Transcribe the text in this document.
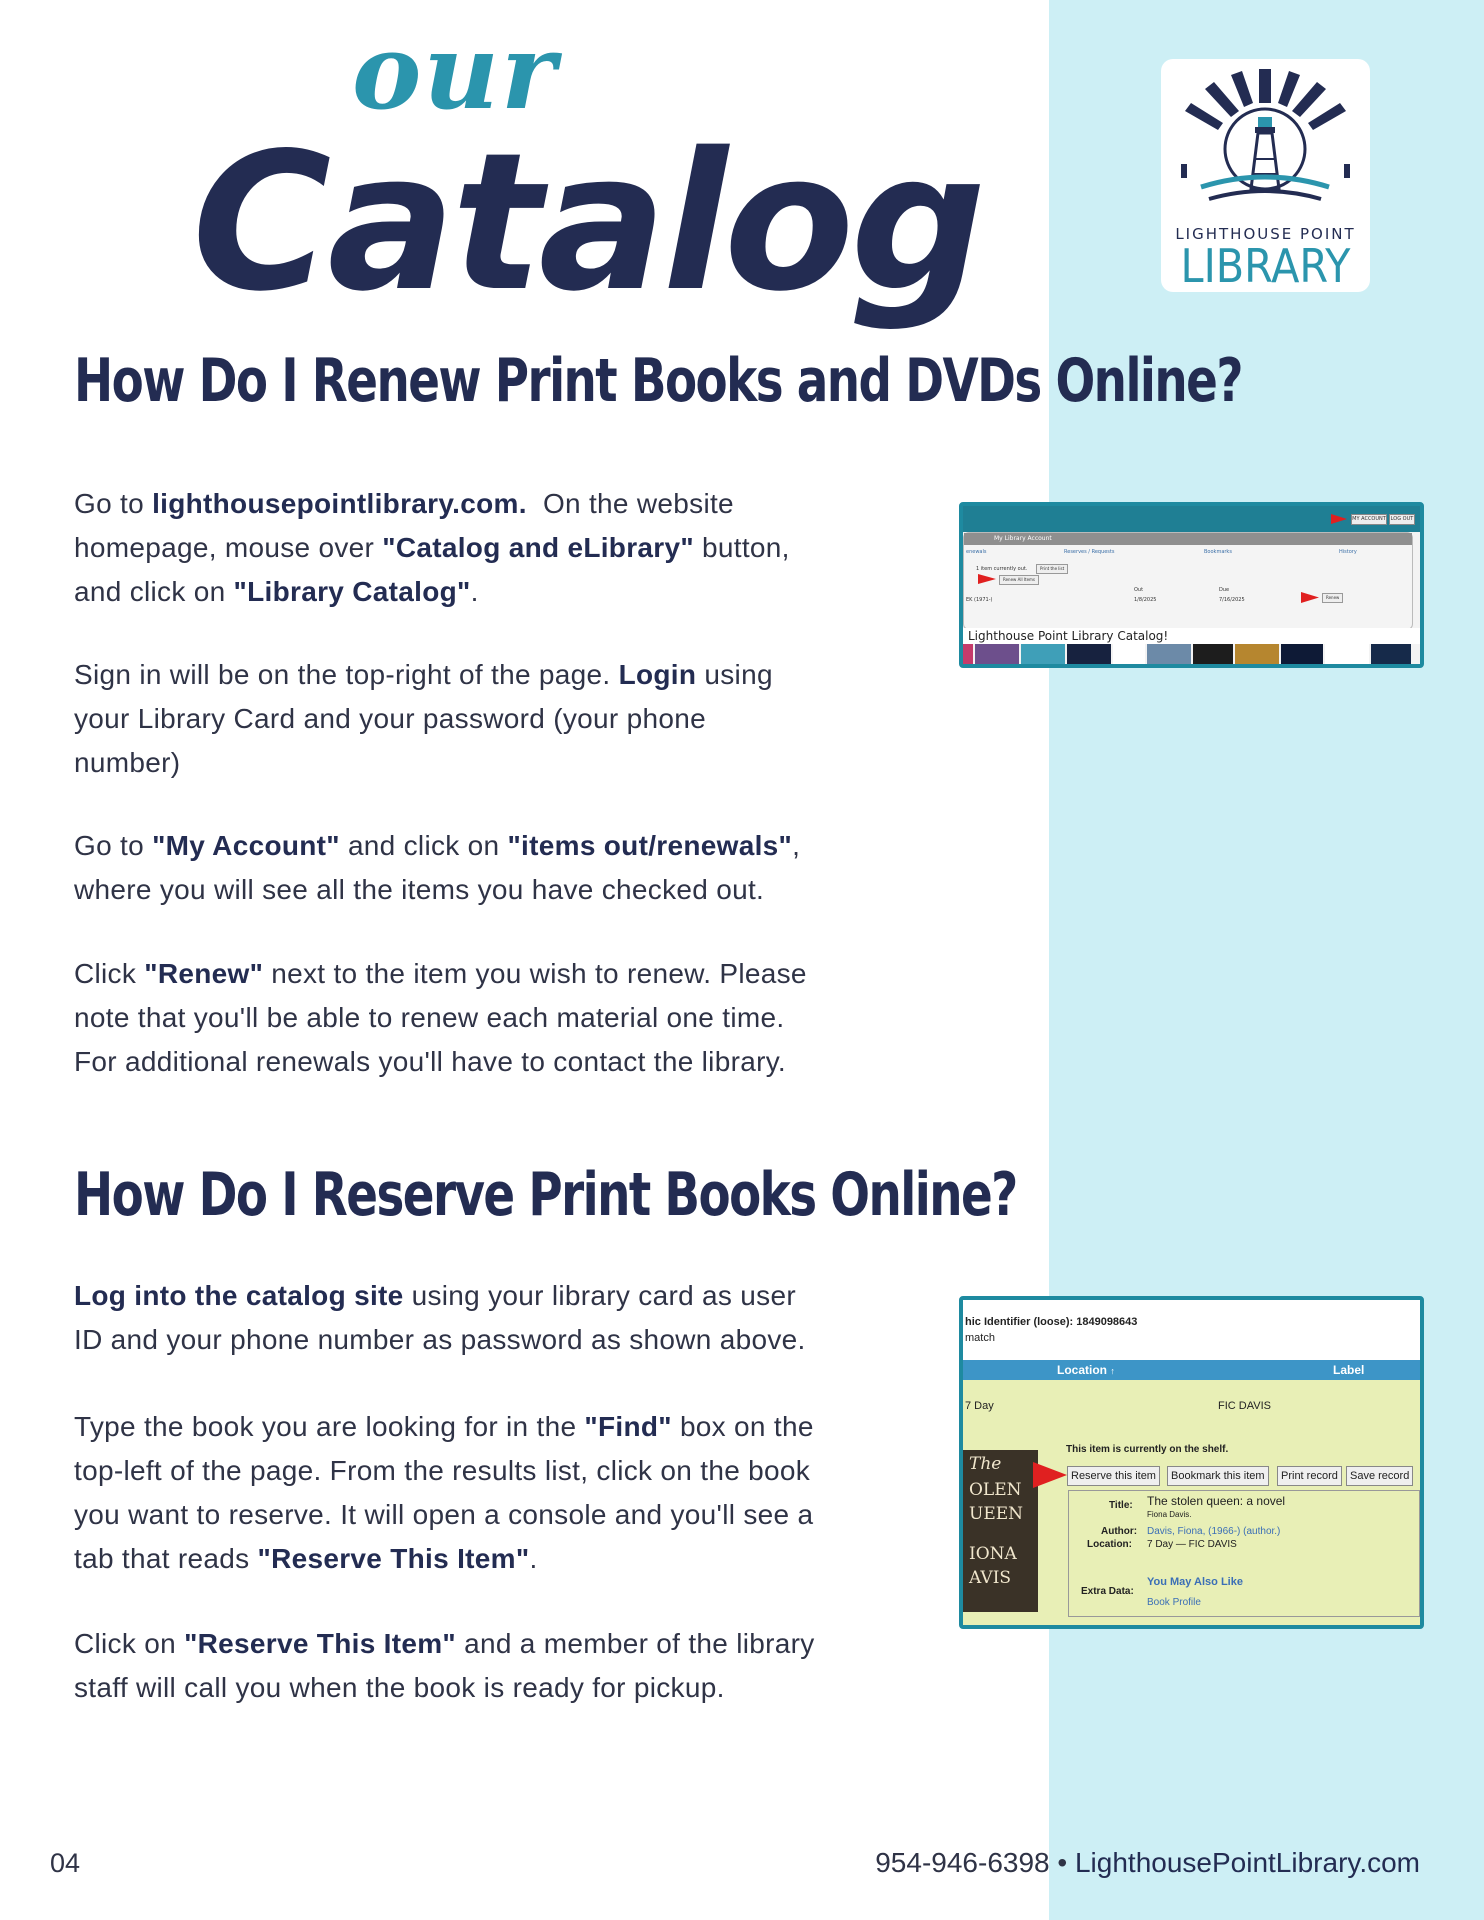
our
Catalog	LIGHTHOUSE POINT
LIBRARY
How Do I Renew Print Books and DVDs Online?
Go to lighthousepointlibrary.com.  On the website
homepage, mouse over "Catalog and eLibrary" button,
and click on "Library Catalog".
Sign in will be on the top-right of the page. Login using
your Library Card and your password (your phone
number)
Go to "My Account" and click on "items out/renewals",
where you will see all the items you have checked out.
Click "Renew" next to the item you wish to renew. Please
note that you'll be able to renew each material one time.
For additional renewals you'll have to contact the library.
MY ACCOUNT LOG OUT
My Library Account
enewals	Reserves / Requests	Bookmarks	History
1 item currently out.	Print the list
Renew All Items
Out	Due
EK (1971-)	1/8/2025	7/16/2025	Renew
Lighthouse Point Library Catalog!
How Do I Reserve Print Books Online?
Log into the catalog site using your library card as user
ID and your phone number as password as shown above.
Type the book you are looking for in the "Find" box on the
top-left of the page. From the results list, click on the book
you want to reserve. It will open a console and you'll see a
tab that reads "Reserve This Item".
Click on "Reserve This Item" and a member of the library
staff will call you when the book is ready for pickup.
hic Identifier (loose): 1849098643
match
Location ↑	Label
7 Day	FIC DAVIS
This item is currently on the shelf.
The
OLEN
UEEN
IONA
AVIS
Reserve this item	Bookmark this item	Print record	Save record
Title: The stolen queen: a novel
Fiona Davis.
Author: Davis, Fiona, (1966-) (author.)
Location: 7 Day — FIC DAVIS
You May Also Like
Extra Data:
Book Profile
04	954-946-6398 • LighthousePointLibrary.com
